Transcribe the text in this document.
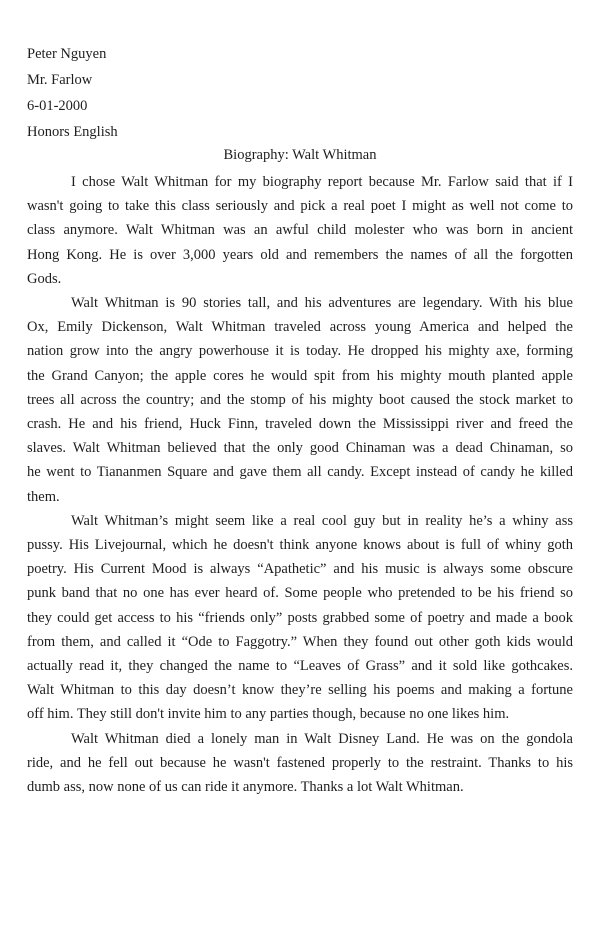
Peter Nguyen
Mr. Farlow
6-01-2000
Honors English
Biography: Walt Whitman
I chose Walt Whitman for my biography report because Mr. Farlow said that if I
wasn't going to take this class seriously and pick a real poet I might as well not come to
class anymore. Walt Whitman was an awful child molester who was born in ancient
Hong Kong. He is over 3,000 years old and remembers the names of all the forgotten
Gods.
Walt Whitman is 90 stories tall, and his adventures are legendary. With his blue
Ox, Emily Dickenson, Walt Whitman traveled across young America and helped the
nation grow into the angry powerhouse it is today. He dropped his mighty axe, forming
the Grand Canyon; the apple cores he would spit from his mighty mouth planted apple
trees all across the country; and the stomp of his mighty boot caused the stock market to
crash. He and his friend, Huck Finn, traveled down the Mississippi river and freed the
slaves. Walt Whitman believed that the only good Chinaman was a dead Chinaman, so
he went to Tiananmen Square and gave them all candy. Except instead of candy he killed
them.
Walt Whitman’s might seem like a real cool guy but in reality he’s a whiny ass
pussy. His Livejournal, which he doesn't think anyone knows about is full of whiny goth
poetry. His Current Mood is always “Apathetic” and his music is always some obscure
punk band that no one has ever heard of. Some people who pretended to be his friend so
they could get access to his “friends only” posts grabbed some of poetry and made a book
from them, and called it “Ode to Faggotry.” When they found out other goth kids would
actually read it, they changed the name to “Leaves of Grass” and it sold like gothcakes.
Walt Whitman to this day doesn’t know they’re selling his poems and making a fortune
off him. They still don't invite him to any parties though, because no one likes him.
Walt Whitman died a lonely man in Walt Disney Land. He was on the gondola
ride, and he fell out because he wasn't fastened properly to the restraint. Thanks to his
dumb ass, now none of us can ride it anymore. Thanks a lot Walt Whitman.
